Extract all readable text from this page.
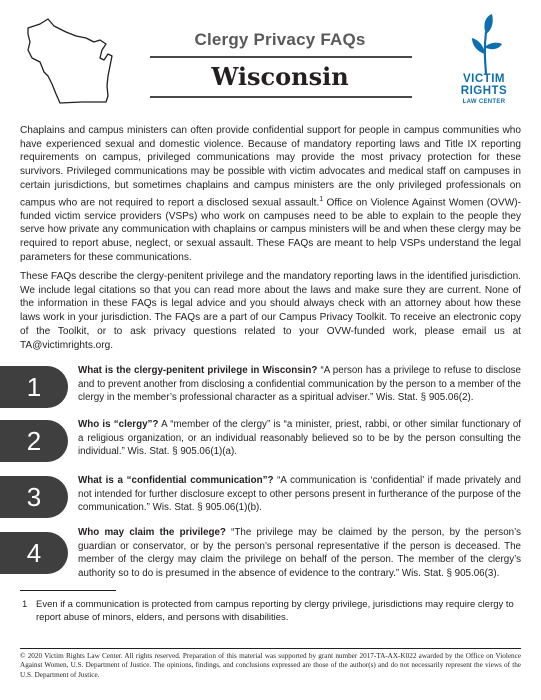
Clergy Privacy FAQs
Wisconsin	VICTIM
RIGHTS
LAW CENTER

Chaplains and campus ministers can often provide confidential support for people in campus communities who have experienced sexual and domestic violence. Because of mandatory reporting laws and Title IX reporting requirements on campus, privileged communications may provide the most privacy protection for these survivors. Privileged communications may be possible with victim advocates and medical staff on campuses in certain jurisdictions, but sometimes chaplains and campus ministers are the only privileged professionals on campus who are not required to report a disclosed sexual assault.$^1$ Office on Violence Against Women (OVW)-funded victim service providers (VSPs) who work on campuses need to be able to explain to the people they serve how private any communication with chaplains or campus ministers will be and when these clergy may be required to report abuse, neglect, or sexual assault. These FAQs are meant to help VSPs understand the legal parameters for these communications.

These FAQs describe the clergy-penitent privilege and the mandatory reporting laws in the identified jurisdiction. We include legal citations so that you can read more about the laws and make sure they are current. None of the information in these FAQs is legal advice and you should always check with an attorney about how these laws work in your jurisdiction. The FAQs are a part of our Campus Privacy Toolkit. To receive an electronic copy of the Toolkit, or to ask privacy questions related to your OVW-funded work, please email us at TA@victimrights.org.

1

What is the clergy-penitent privilege in Wisconsin? “A person has a privilege to refuse to disclose and to prevent another from disclosing a confidential communication by the person to a member of the clergy in the member’s professional character as a spiritual adviser.” Wis. Stat. § 905.06(2).

2

Who is “clergy”? A “member of the clergy” is “a minister, priest, rabbi, or other similar functionary of a religious organization, or an individual reasonably believed so to be by the person consulting the individual.” Wis. Stat. § 905.06(1)(a).

3

What is a “confidential communication”? “A communication is ‘confidential’ if made privately and not intended for further disclosure except to other persons present in furtherance of the purpose of the communication.” Wis. Stat. § 905.06(1)(b).

4

Who may claim the privilege? “The privilege may be claimed by the person, by the person’s guardian or conservator, or by the person’s personal representative if the person is deceased. The member of the clergy may claim the privilege on behalf of the person. The member of the clergy’s authority so to do is presumed in the absence of evidence to the contrary.” Wis. Stat. § 905.06(3).

1 Even if a communication is protected from campus reporting by clergy privilege, jurisdictions may require clergy to report abuse of minors, elders, and persons with disabilities.

© 2020 Victim Rights Law Center. All rights reserved. Preparation of this material was supported by grant number 2017-TA-AX-K022 awarded by the Office on Violence Against Women, U.S. Department of Justice. The opinions, findings, and conclusions expressed are those of the author(s) and do not necessarily represent the views of the U.S. Department of Justice.
